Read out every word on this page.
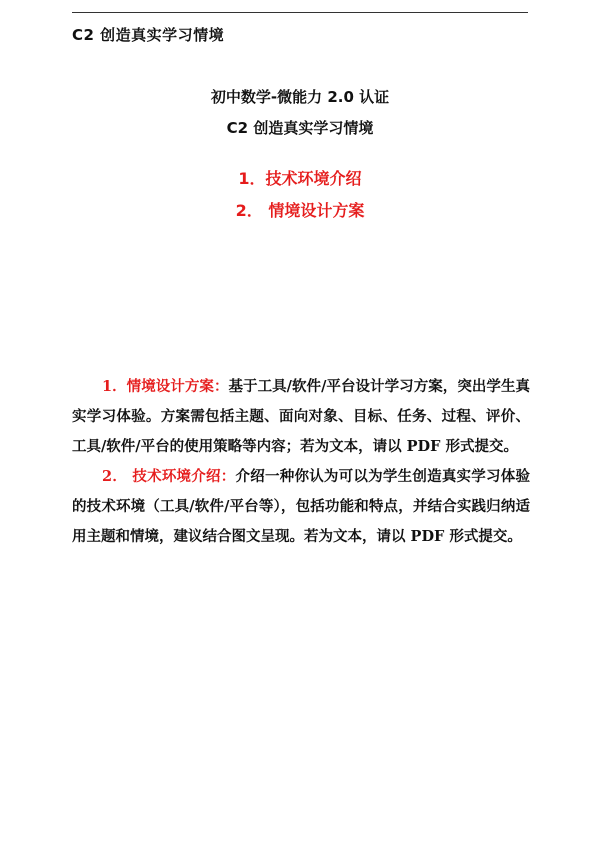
C2 创造真实学习情境
初中数学-微能力 2.0 认证
C2 创造真实学习情境
1．技术环境介绍
2． 情境设计方案

1．情境设计方案：基于工具/软件/平台设计学习方案，突出学生真实学习体验。方案需包括主题、面向对象、目标、任务、过程、评价、工具/软件/平台的使用策略等内容；若为文本，请以 PDF 形式提交。

2． 技术环境介绍：介绍一种你认为可以为学生创造真实学习体验的技术环境（工具/软件/平台等），包括功能和特点，并结合实践归纳适用主题和情境，建议结合图文呈现。若为文本，请以 PDF 形式提交。
